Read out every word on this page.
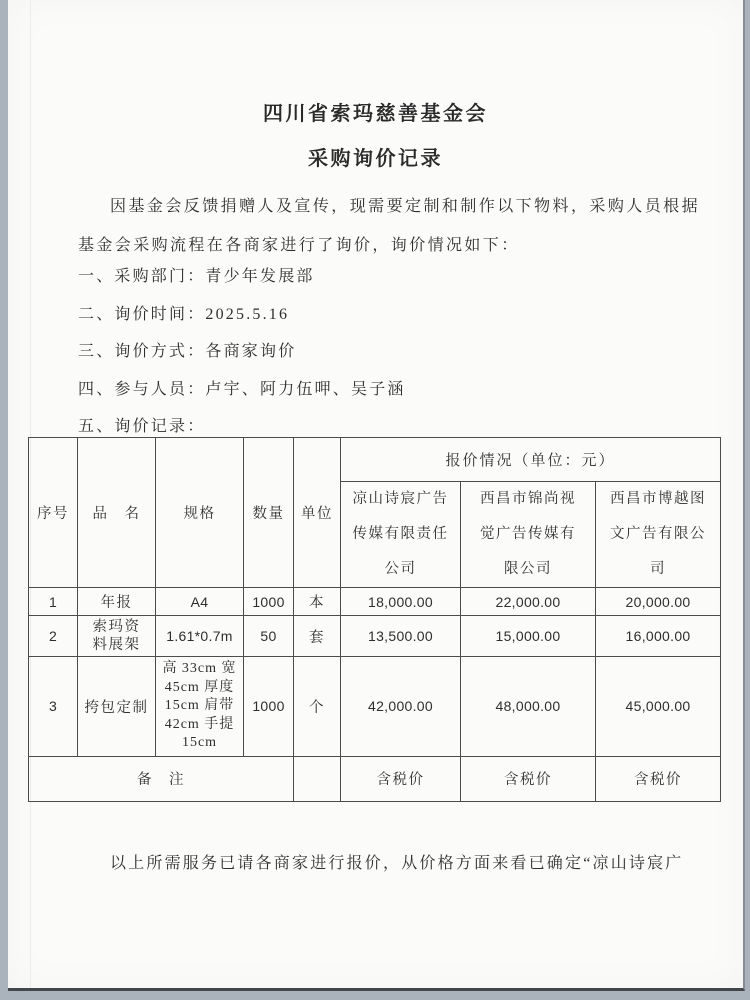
四川省索玛慈善基金会
采购询价记录

因基金会反馈捐赠人及宣传，现需要定制和制作以下物料，采购人员根据基金会采购流程在各商家进行了询价，询价情况如下：

一、采购部门：青少年发展部
二、询价时间：2025.5.16
三、询价方式：各商家询价
四、参与人员：卢宇、阿力伍呷、吴子涵
五、询价记录：
序号	品　名	规格	数量	单位	报价情况（单位：元）		
					凉山诗宸广告传媒有限责任公司	西昌市锦尚视觉广告传媒有限公司	西昌市博越图文广告有限公司
1	年报	A4	1000	本	18,000.00	22,000.00	20,000.00
2	索玛资料展架	1.61*0.7m	50	套	13,500.00	15,000.00	16,000.00
3	挎包定制	高 33cm 宽 45cm 厚度 15cm 肩带 42cm 手提 15cm	1000	个	42,000.00	48,000.00	45,000.00
备　注					含税价	含税价	含税价

以上所需服务已请各商家进行报价，从价格方面来看已确定“凉山诗宸广
